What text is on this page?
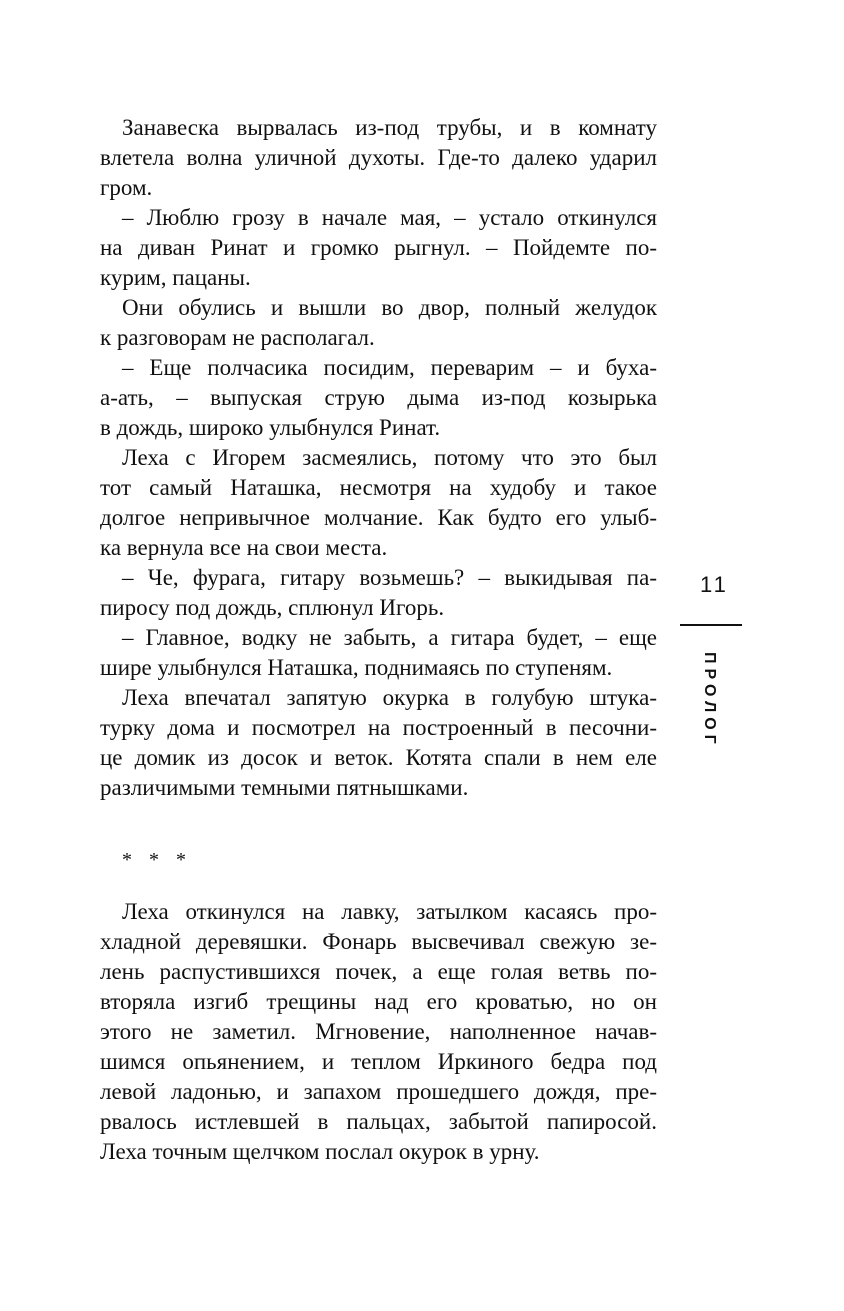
Занавеска вырвалась из-под трубы, и в комнату
влетела волна уличной духоты. Где-то далеко ударил
гром.
– Люблю грозу в начале мая, – устало откинулся
на диван Ринат и громко рыгнул. – Пойдемте по-
курим, пацаны.
Они обулись и вышли во двор, полный желудок
к разговорам не располагал.
– Еще полчасика посидим, переварим – и буха-
а-ать, – выпуская струю дыма из-под козырька
в дождь, широко улыбнулся Ринат.
Леха с Игорем засмеялись, потому что это был
тот самый Наташка, несмотря на худобу и такое
долгое непривычное молчание. Как будто его улыб-
ка вернула все на свои места.
– Че, фурага, гитару возьмешь? – выкидывая па-
пиросу под дождь, сплюнул Игорь.
– Главное, водку не забыть, а гитара будет, – еще
шире улыбнулся Наташка, поднимаясь по ступеням.
Леха впечатал запятую окурка в голубую штука-
турку дома и посмотрел на построенный в песочни-
це домик из досок и веток. Котята спали в нем еле
различимыми темными пятнышками.
* * *
Леха откинулся на лавку, затылком касаясь про-
хладной деревяшки. Фонарь высвечивал свежую зе-
лень распустившихся почек, а еще голая ветвь по-
вторяла изгиб трещины над его кроватью, но он
этого не заметил. Мгновение, наполненное начав-
шимся опьянением, и теплом Иркиного бедра под
левой ладонью, и запахом прошедшего дождя, пре-
рвалось истлевшей в пальцах, забытой папиросой.
Леха точным щелчком послал окурок в урну.
11
ПРОЛОГ
